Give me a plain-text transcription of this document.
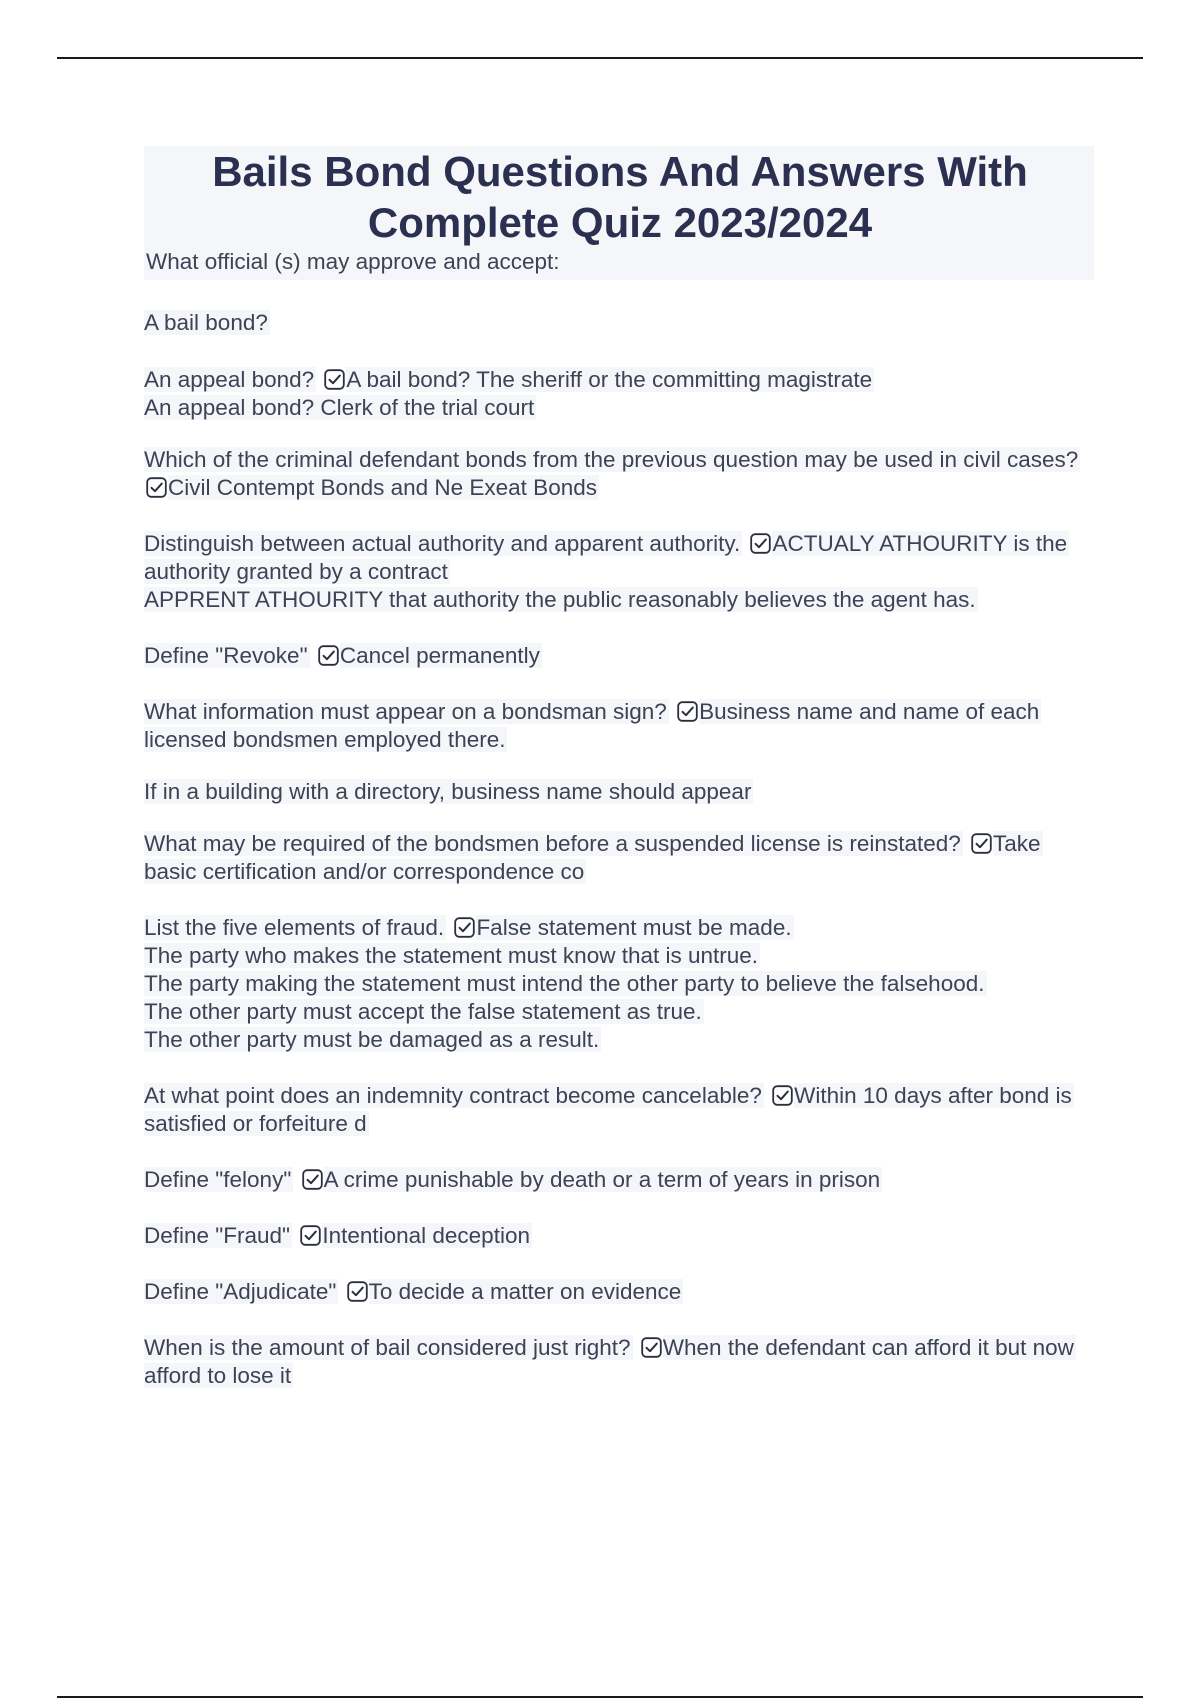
Bails Bond Questions And Answers With Complete Quiz 2023/2024

What official (s) may approve and accept:

A bail bond?

An appeal bond? A bail bond? The sheriff or the committing magistrate
An appeal bond? Clerk of the trial court

Which of the criminal defendant bonds from the previous question may be used in civil cases?
Civil Contempt Bonds and Ne Exeat Bonds

Distinguish between actual authority and apparent authority. ACTUALY ATHOURITY is the authority granted by a contract
APPRENT ATHOURITY that authority the public reasonably believes the agent has.

Define "Revoke" Cancel permanently

What information must appear on a bondsman sign? Business name and name of each licensed bondsmen employed there.

If in a building with a directory, business name should appear

What may be required of the bondsmen before a suspended license is reinstated? Take basic certification and/or correspondence co

List the five elements of fraud. False statement must be made.
The party who makes the statement must know that is untrue.
The party making the statement must intend the other party to believe the falsehood.
The other party must accept the false statement as true.
The other party must be damaged as a result.

At what point does an indemnity contract become cancelable? Within 10 days after bond is satisfied or forfeiture d

Define "felony" A crime punishable by death or a term of years in prison

Define "Fraud" Intentional deception

Define "Adjudicate" To decide a matter on evidence

When is the amount of bail considered just right? When the defendant can afford it but now afford to lose it
